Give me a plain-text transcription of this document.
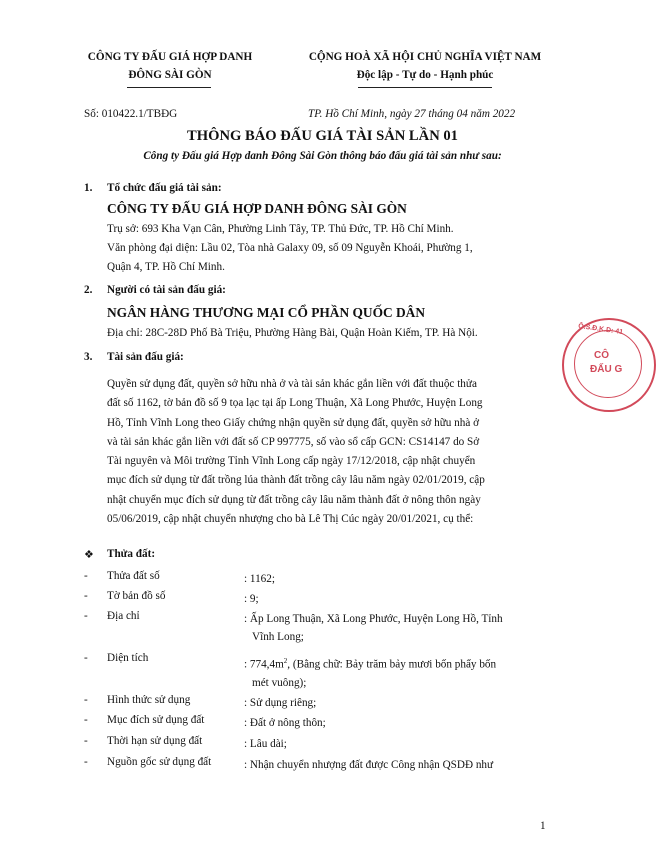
CÔNG TY ĐẤU GIÁ HỢP DANH
ĐÔNG SÀI GÒN
CỘNG HOÀ XÃ HỘI CHỦ NGHĨA VIỆT NAM
Độc lập - Tự do - Hạnh phúc
Số: 010422.1/TBĐG	TP. Hồ Chí Minh, ngày 27 tháng 04 năm 2022
THÔNG BÁO ĐẤU GIÁ TÀI SẢN LẦN 01
Công ty Đấu giá Hợp danh Đông Sài Gòn thông báo đấu giá tài sản như sau:
1. Tổ chức đấu giá tài sản:
CÔNG TY ĐẤU GIÁ HỢP DANH ĐÔNG SÀI GÒN
Trụ sở: 693 Kha Vạn Cân, Phường Linh Tây, TP. Thủ Đức, TP. Hồ Chí Minh.
Văn phòng đại diện: Lầu 02, Tòa nhà Galaxy 09, số 09 Nguyễn Khoái, Phường 1,
Quận 4, TP. Hồ Chí Minh.
2. Người có tài sản đấu giá:
NGÂN HÀNG THƯƠNG MẠI CỔ PHẦN QUỐC DÂN
Địa chỉ: 28C-28D Phố Bà Triệu, Phường Hàng Bài, Quận Hoàn Kiếm, TP. Hà Nội.
3. Tài sản đấu giá:
Quyền sử dụng đất, quyền sở hữu nhà ở và tài sản khác gắn liền với đất thuộc thửa
đất số 1162, tờ bản đồ số 9 tọa lạc tại ấp Long Thuận, Xã Long Phước, Huyện Long
Hồ, Tỉnh Vĩnh Long theo Giấy chứng nhận quyền sử dụng đất, quyền sở hữu nhà ở
và tài sản khác gắn liền với đất số CP 997775, số vào sổ cấp GCN: CS14147 do Sở
Tài nguyên và Môi trường Tỉnh Vĩnh Long cấp ngày 17/12/2018, cập nhật chuyển
mục đích sử dụng từ đất trồng lúa thành đất trồng cây lâu năm ngày 02/01/2019, cập
nhật chuyển mục đích sử dụng từ đất trồng cây lâu năm thành đất ở nông thôn ngày
05/06/2019, cập nhật chuyển nhượng cho bà Lê Thị Cúc ngày 20/01/2021, cụ thể:
❖ Thửa đất:
- Thửa đất số	: 1162;
- Tờ bản đồ số	: 9;
- Địa chỉ	: Ấp Long Thuận, Xã Long Phước, Huyện Long Hồ, Tỉnh
Vĩnh Long;
- Diện tích
: $774,4m^2$, (Bằng chữ: Bảy trăm bảy mươi bốn phẩy bốn
mét vuông);
- Hình thức sử dụng	: Sử dụng riêng;
- Mục đích sử dụng đất	: Đất ở nông thôn;
- Thời hạn sử dụng đất	: Lâu dài;
- Nguồn gốc sử dụng đất	: Nhận chuyển nhượng đất được Công nhận QSDĐ như
Ô.S.Đ.K.D: 41
CÔ
ĐẤU G
1
